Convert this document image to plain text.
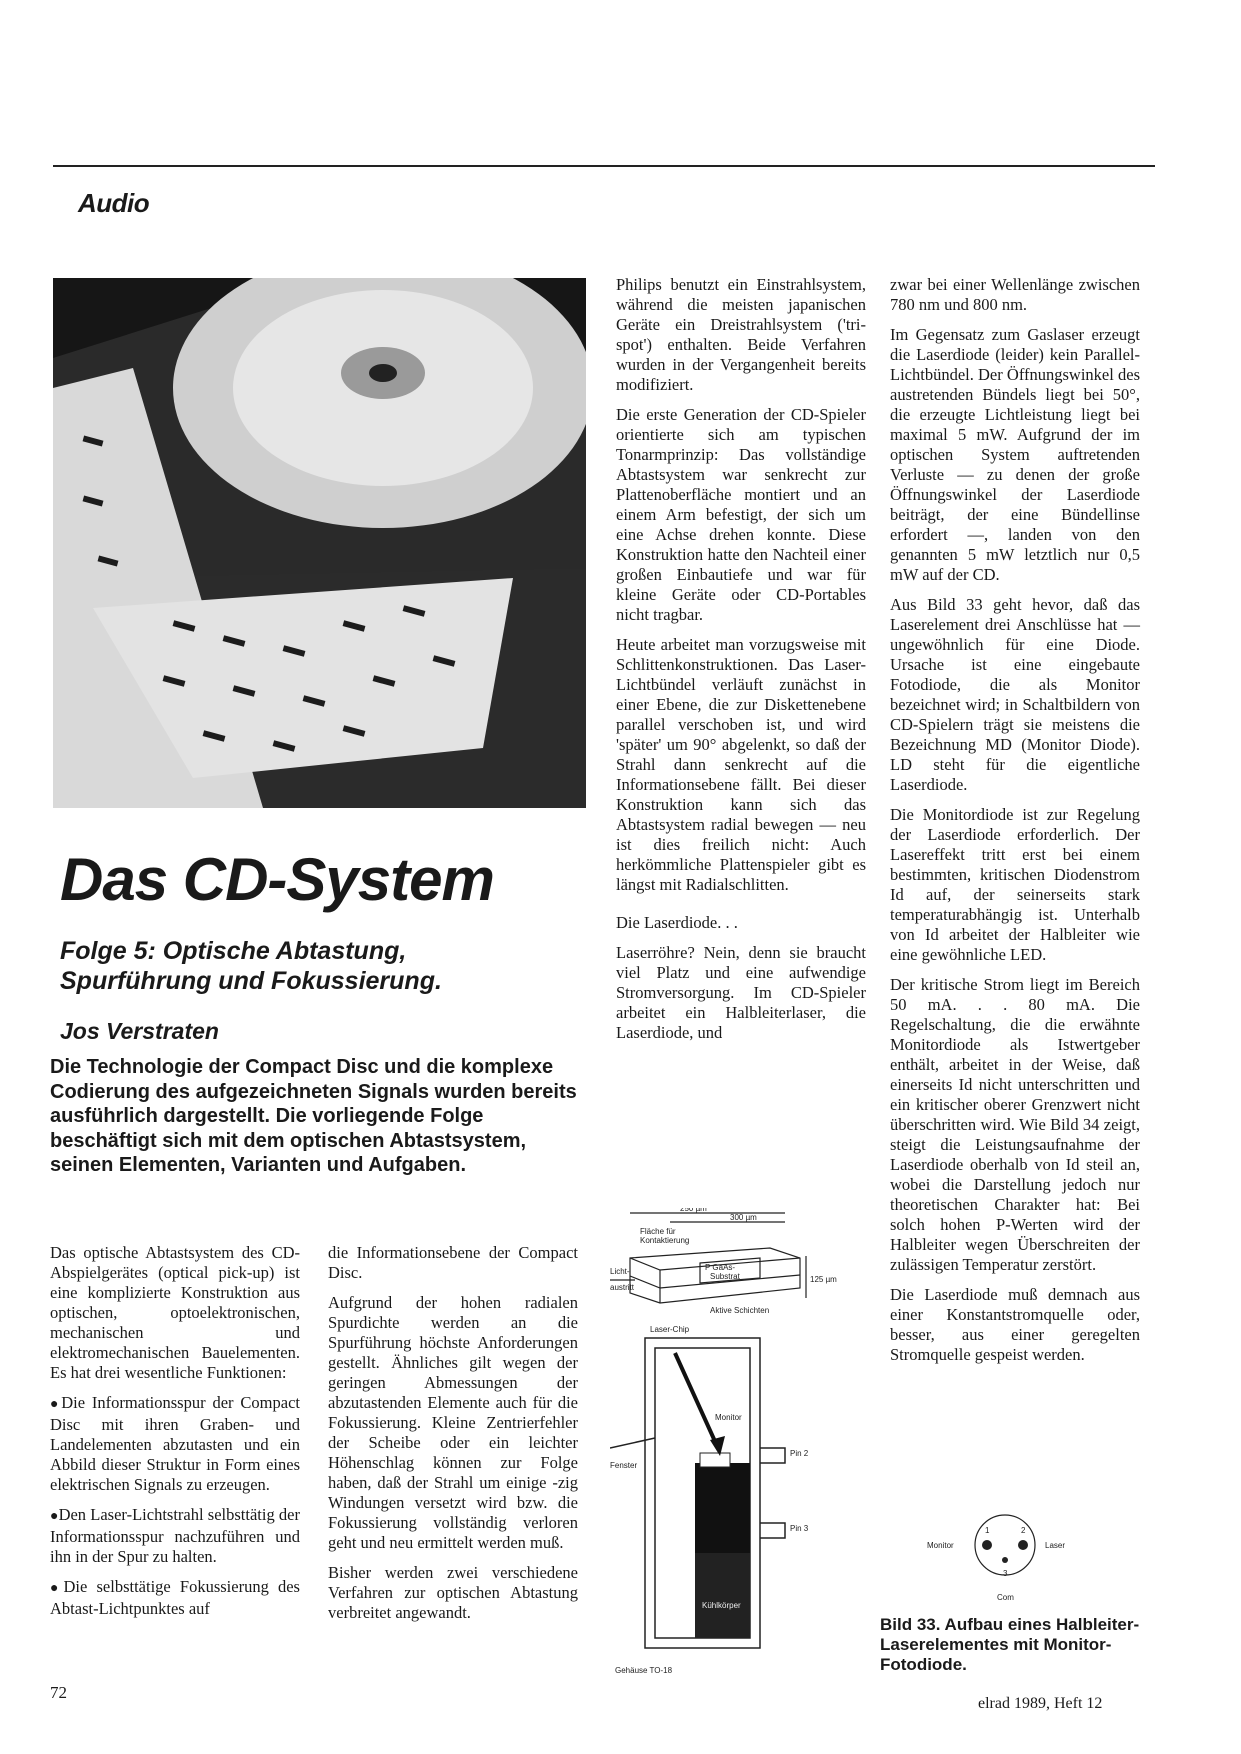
Audio
Das CD-System
Folge 5: Optische Abtastung,
Spurführung und Fokussierung.
Jos Verstraten
Die Technologie der Compact Disc und die komplexe Codierung des aufgezeichneten Signals wurden bereits ausführlich dargestellt. Die vorliegende Folge beschäftigt sich mit dem optischen Abtastsystem, seinen Elementen, Varianten und Aufgaben.

Das optische Abtastsystem des CD-Abspielgerätes (optical pick-up) ist eine komplizierte Konstruktion aus optischen, optoelektronischen, mechanischen und elektromechanischen Bauelementen. Es hat drei wesentliche Funktionen:

●Die Informationsspur der Compact Disc mit ihren Graben- und Landelementen abzutasten und ein Abbild dieser Struktur in Form eines elektrischen Signals zu erzeugen.

●Den Laser-Lichtstrahl selbsttätig der Informationsspur nachzuführen und ihn in der Spur zu halten.

●Die selbsttätige Fokussierung des Abtast-Lichtpunktes auf

die Informationsebene der Compact Disc.

Aufgrund der hohen radialen Spurdichte werden an die Spurführung höchste Anforderungen gestellt. Ähnliches gilt wegen der geringen Abmessungen der abzutastenden Elemente auch für die Fokussierung. Kleine Zentrierfehler der Scheibe oder ein leichter Höhenschlag können zur Folge haben, daß der Strahl um einige -zig Windungen versetzt wird bzw. die Fokussierung vollständig verloren geht und neu ermittelt werden muß.

Bisher werden zwei verschiedene Verfahren zur optischen Abtastung verbreitet angewandt.

Philips benutzt ein Einstrahlsystem, während die meisten japanischen Geräte ein Dreistrahlsystem ('tri-spot') enthalten. Beide Verfahren wurden in der Vergangenheit bereits modifiziert.

Die erste Generation der CD-Spieler orientierte sich am typischen Tonarmprinzip: Das vollständige Abtastsystem war senkrecht zur Plattenoberfläche montiert und an einem Arm befestigt, der sich um eine Achse drehen konnte. Diese Konstruktion hatte den Nachteil einer großen Einbautiefe und war für kleine Geräte oder CD-Portables nicht tragbar.

Heute arbeitet man vorzugsweise mit Schlittenkonstruktionen. Das Laser-Lichtbündel verläuft zunächst in einer Ebene, die zur Diskettenebene parallel verschoben ist, und wird 'später' um 90° abgelenkt, so daß der Strahl dann senkrecht auf die Informationsebene fällt. Bei dieser Konstruktion kann sich das Abtastsystem radial bewegen — neu ist dies freilich nicht: Auch herkömmliche Plattenspieler gibt es längst mit Radialschlitten.

Die Laserdiode. . .

Laserröhre? Nein, denn sie braucht viel Platz und eine aufwendige Stromversorgung. Im CD-Spieler arbeitet ein Halbleiterlaser, die Laserdiode, und

zwar bei einer Wellenlänge zwischen 780 nm und 800 nm.

Im Gegensatz zum Gaslaser erzeugt die Laserdiode (leider) kein Parallel-Lichtbündel. Der Öffnungswinkel des austretenden Bündels liegt bei 50°, die erzeugte Lichtleistung liegt bei maximal 5 mW. Aufgrund der im optischen System auftretenden Verluste — zu denen der große Öffnungswinkel der Laserdiode beiträgt, der eine Bündellinse erfordert —, landen von den genannten 5 mW letztlich nur 0,5 mW auf der CD.

Aus Bild 33 geht hevor, daß das Laserelement drei Anschlüsse hat — ungewöhnlich für eine Diode. Ursache ist eine eingebaute Fotodiode, die als Monitor bezeichnet wird; in Schaltbildern von CD-Spielern trägt sie meistens die Bezeichnung MD (Monitor Diode). LD steht für die eigentliche Laserdiode.

Die Monitordiode ist zur Regelung der Laserdiode erforderlich. Der Lasereffekt tritt erst bei einem bestimmten, kritischen Diodenstrom Id auf, der seinerseits stark temperaturabhängig ist. Unterhalb von Id arbeitet der Halbleiter wie eine gewöhnliche LED.

Der kritische Strom liegt im Bereich 50 mA. . . 80 mA. Die Regelschaltung, die die erwähnte Monitordiode als Istwertgeber enthält, arbeitet in der Weise, daß einerseits Id nicht unterschritten und ein kritischer oberer Grenzwert nicht überschritten wird. Wie Bild 34 zeigt, steigt die Leistungsaufnahme der Laserdiode oberhalb von Id steil an, wobei die Darstellung jedoch nur theoretischen Charakter hat: Bei solch hohen P-Werten wird der Halbleiter wegen Überschreiten der zulässigen Temperatur zerstört.

Die Laserdiode muß demnach aus einer Konstantstromquelle oder, besser, aus einer geregelten Stromquelle gespeist werden.

250 µm
300 µm
Fläche für
Kontaktierung
P GaAs-
Substrat
Licht-
austritt
125 µm
Aktive Schichten
Laser-Chip
Monitor
Fenster
Pin 2
Pin 3
Kühlkörper
Gehäuse TO-18
1	2
3
Monitor	Laser
Com
Bild 33. Aufbau eines Halbleiter-Laserelementes mit Monitor-Fotodiode.
72
elrad 1989, Heft 12
